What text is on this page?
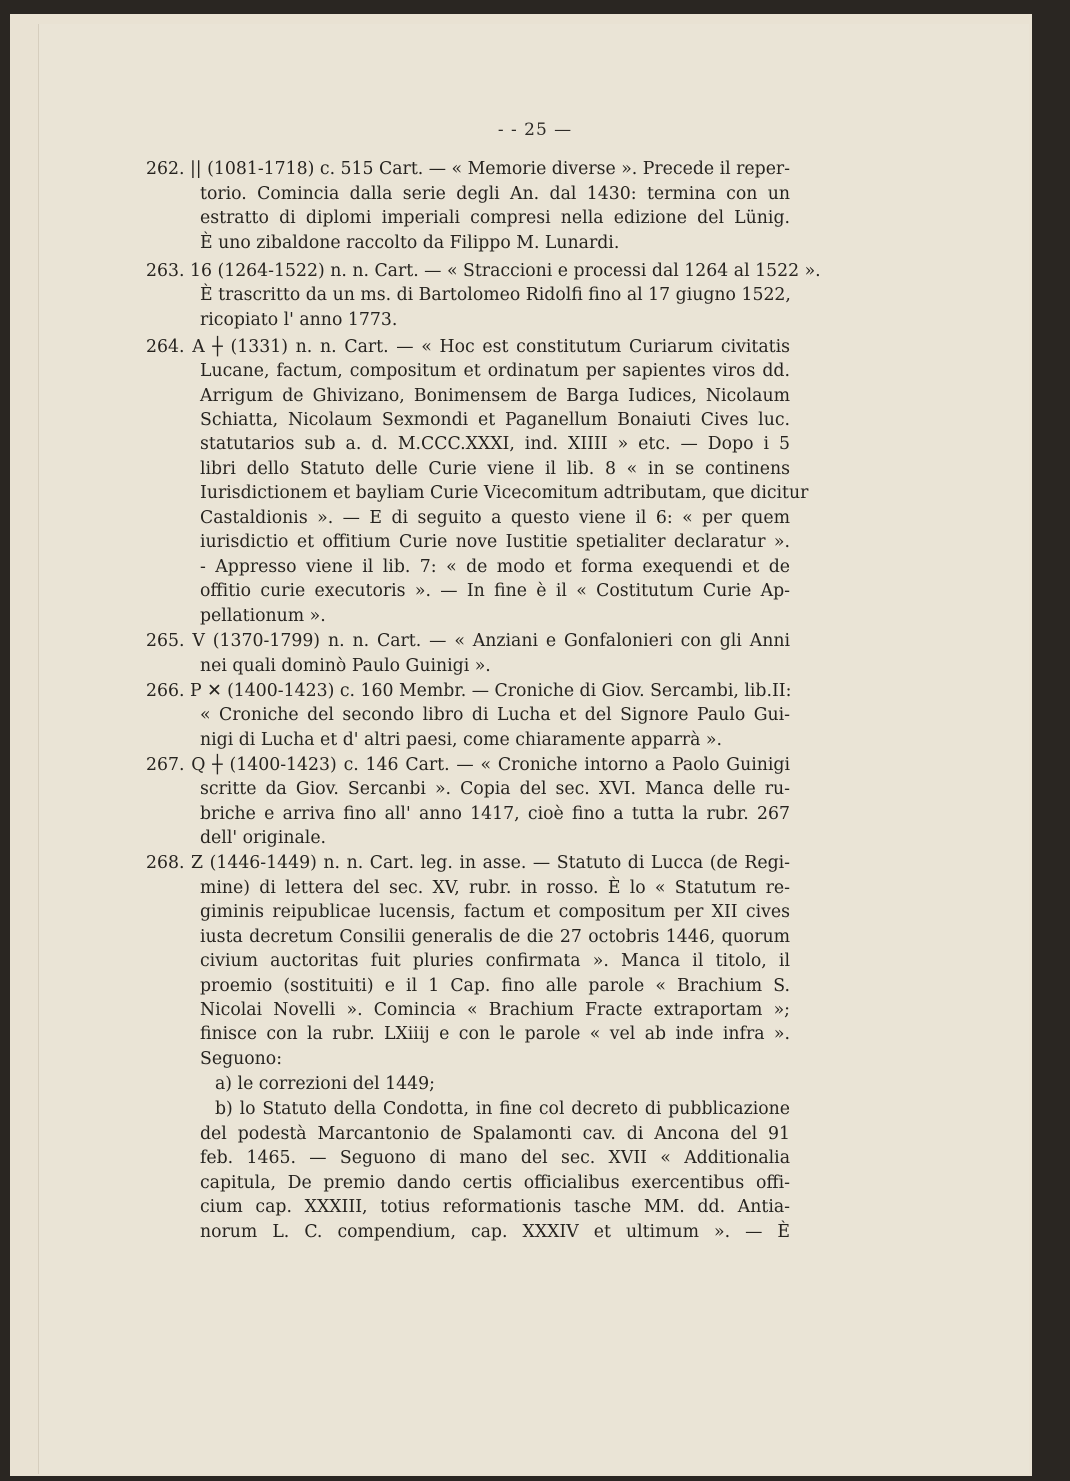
- - 25 —
262. || (1081-1718) c. 515 Cart. — « Memorie diverse ». Precede il reper-
torio. Comincia dalla serie degli An. dal 1430: termina con un
estratto di diplomi imperiali compresi nella edizione del Lünig.
È uno zibaldone raccolto da Filippo M. Lunardi.
263. 16 (1264-1522) n. n. Cart. — « Straccioni e processi dal 1264 al 1522 ».
È trascritto da un ms. di Bartolomeo Ridolfi fino al 17 giugno 1522,
ricopiato l' anno 1773.
264. A ┼ (1331) n. n. Cart. — « Hoc est constitutum Curiarum civitatis
Lucane, factum, compositum et ordinatum per sapientes viros dd.
Arrigum de Ghivizano, Bonimensem de Barga Iudices, Nicolaum
Schiatta, Nicolaum Sexmondi et Paganellum Bonaiuti Cives luc.
statutarios sub a. d. M.CCC.XXXI, ind. XIIII » etc. — Dopo i 5
libri dello Statuto delle Curie viene il lib. 8 « in se continens
Iurisdictionem et bayliam Curie Vicecomitum adtributam, que dicitur
Castaldionis ». — E di seguito a questo viene il 6: « per quem
iurisdictio et offitium Curie nove Iustitie spetialiter declaratur ».
- Appresso viene il lib. 7: « de modo et forma exequendi et de
offitio curie executoris ». — In fine è il « Costitutum Curie Ap-
pellationum ».
265. V (1370-1799) n. n. Cart. — « Anziani e Gonfalonieri con gli Anni
nei quali dominò Paulo Guinigi ».
266. P ✕ (1400-1423) c. 160 Membr. — Croniche di Giov. Sercambi, lib.II:
« Croniche del secondo libro di Lucha et del Signore Paulo Gui-
nigi di Lucha et d' altri paesi, come chiaramente apparrà ».
267. Q ┼ (1400-1423) c. 146 Cart. — « Croniche intorno a Paolo Guinigi
scritte da Giov. Sercanbi ». Copia del sec. XVI. Manca delle ru-
briche e arriva fino all' anno 1417, cioè fino a tutta la rubr. 267
dell' originale.
268. Z (1446-1449) n. n. Cart. leg. in asse. — Statuto di Lucca (de Regi-
mine) di lettera del sec. XV, rubr. in rosso. È lo « Statutum re-
giminis reipublicae lucensis, factum et compositum per XII cives
iusta decretum Consilii generalis de die 27 octobris 1446, quorum
civium auctoritas fuit pluries confirmata ». Manca il titolo, il
proemio (sostituiti) e il 1 Cap. fino alle parole « Brachium S.
Nicolai Novelli ». Comincia « Brachium Fracte extraportam »;
finisce con la rubr. LXiiij e con le parole « vel ab inde infra ».
Seguono:
a) le correzioni del 1449;
b) lo Statuto della Condotta, in fine col decreto di pubblicazione
del podestà Marcantonio de Spalamonti cav. di Ancona del 91
feb. 1465. — Seguono di mano del sec. XVII « Additionalia
capitula, De premio dando certis officialibus exercentibus offi-
cium cap. XXXIII, totius reformationis tasche MM. dd. Antia-
norum L. C. compendium, cap. XXXIV et ultimum ». — È
